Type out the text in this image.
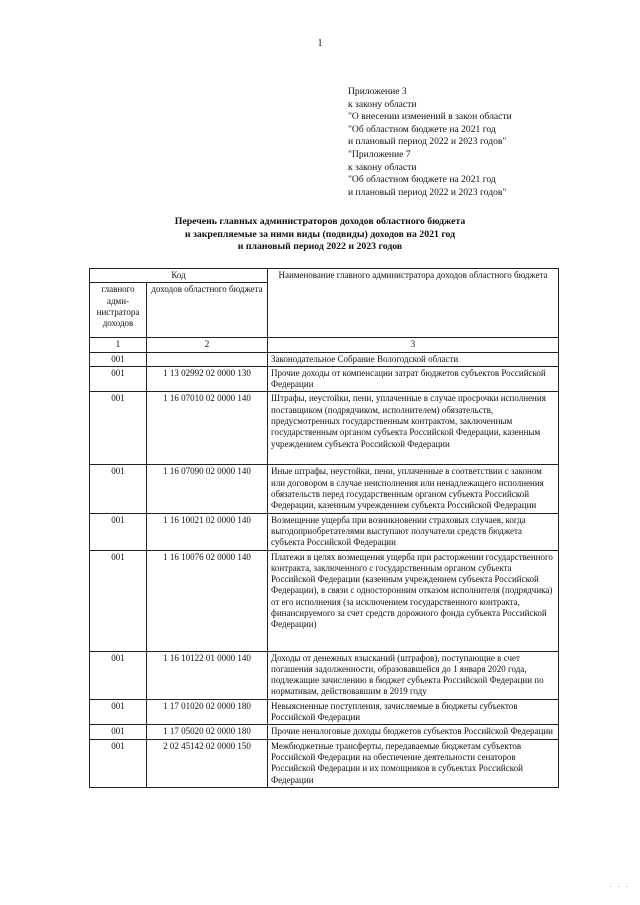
1
Приложение 3
к закону области
"О внесении изменений в закон области
"Об областном бюджете на 2021 год
и плановый период 2022 и 2023 годов"
"Приложение 7
к закону области
"Об областном бюджете на 2021 год
и плановый период 2022 и 2023 годов"
Перечень главных администраторов доходов областного бюджета
и закрепляемые за ними виды (подвиды) доходов на 2021 год
и плановый период 2022 и 2023 годов
Код		Наименование главного администратора доходов областного бюджета
главного адми-нистратора доходов	доходов областного бюджета	
1	2	3
001		Законодательное Собрание Вологодской области
001	1 13 02992 02 0000 130	Прочие доходы от компенсации затрат бюджетов субъектов Российской Федерации
001	1 16 07010 02 0000 140	Штрафы, неустойки, пени, уплаченные в случае просрочки исполнения поставщиком (подрядчиком, исполнителем) обязательств, предусмотренных государственным контрактом, заключенным государственным органом субъекта Российской Федерации, казенным учреждением субъекта Российской Федерации
001	1 16 07090 02 0000 140	Иные штрафы, неустойки, пени, уплаченные в соответствии с законом или договором в случае неисполнения или ненадлежащего исполнения обязательств перед государственным органом субъекта Российской Федерации, казенным учреждением субъекта Российской Федерации
001	1 16 10021 02 0000 140	Возмещение ущерба при возникновении страховых случаев, когда выгодоприобретателями выступают получатели средств бюджета субъекта Российской Федерации
001	1 16 10076 02 0000 140	Платежи в целях возмещения ущерба при расторжении государственного контракта, заключенного с государственным органом субъекта Российской Федерации (казенным учреждением субъекта Российской Федерации), в связи с односторонним отказом исполнителя (подрядчика) от его исполнения (за исключением государственного контракта, финансируемого за счет средств дорожного фонда субъекта Российской Федерации)
001	1 16 10122 01 0000 140	Доходы от денежных взысканий (штрафов), поступающие в счет погашения задолженности, образовавшейся до 1 января 2020 года, подлежащие зачислению в бюджет субъекта Российской Федерации по нормативам, действовавшим в 2019 году
001	1 17 01020 02 0000 180	Невыясненные поступления, зачисляемые в бюджеты субъектов Российской Федерации
001	1 17 05020 02 0000 180	Прочие неналоговые доходы бюджетов субъектов Российской Федерации
001	2 02 45142 02 0000 150	Межбюджетные трансферты, передаваемые бюджетам субъектов Российской Федерации на обеспечение деятельности сенаторов Российской Федерации и их помощников в субъектах Российской Федерации
· · ·
